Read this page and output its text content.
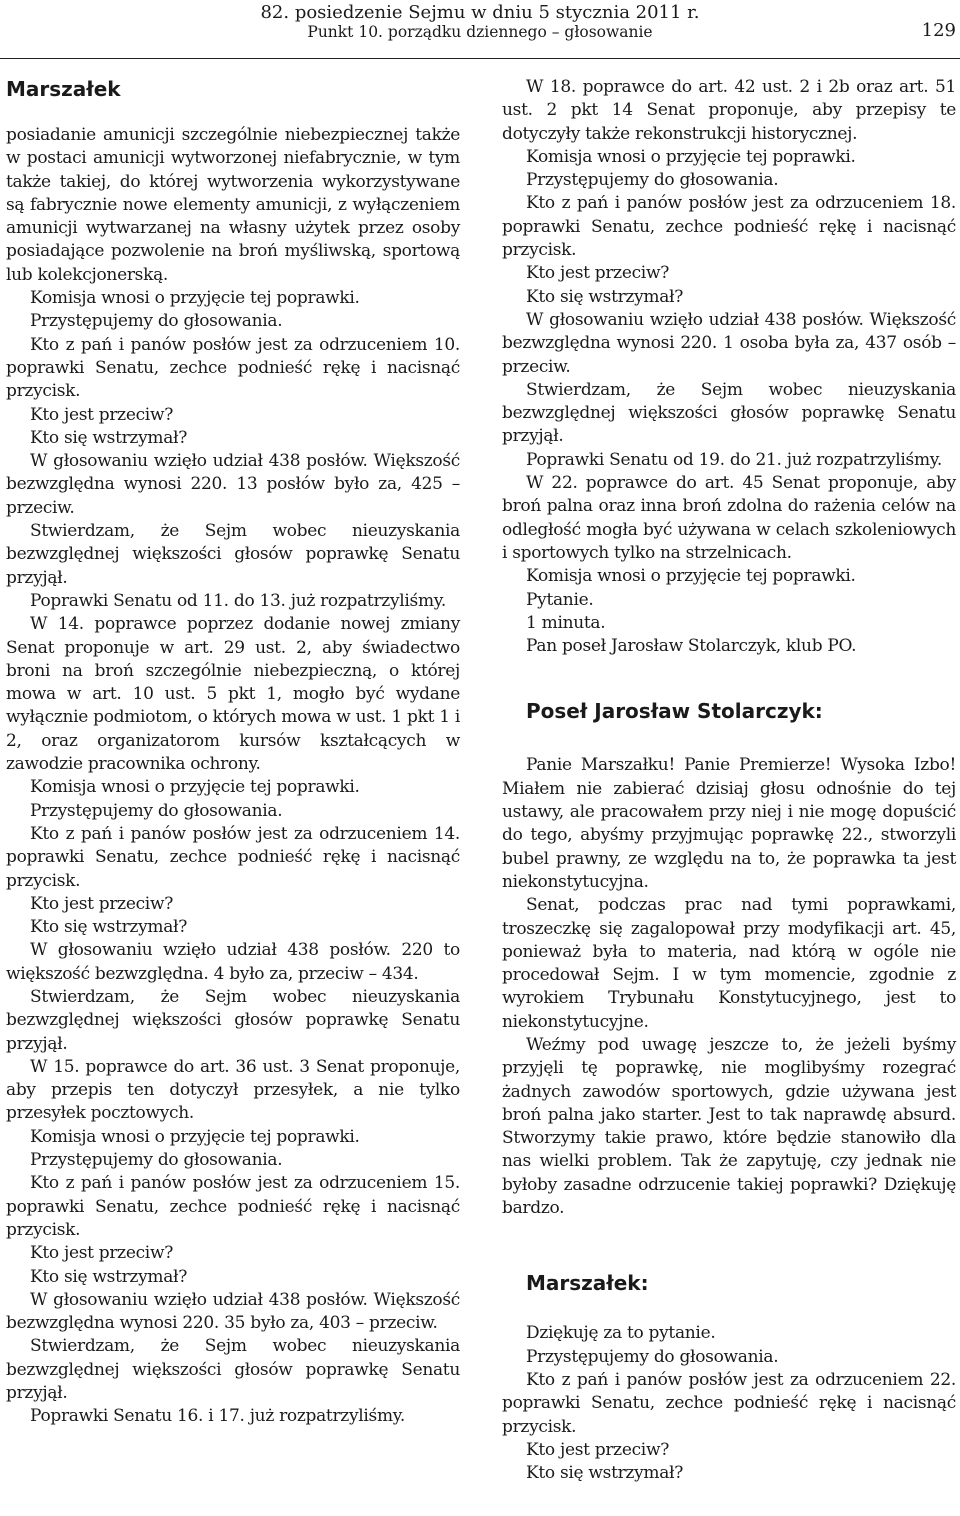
82. posiedzenie Sejmu w dniu 5 stycznia 2011 r.
Punkt 10. porządku dziennego – głosowanie	129
Marszałek

posiadanie amunicji szczególnie niebezpiecznej także w postaci amunicji wytworzonej niefabrycznie, w tym także takiej, do której wytworzenia wykorzystywane są fabrycznie nowe elementy amunicji, z wyłączeniem amunicji wytwarzanej na własny użytek przez osoby posiadające pozwolenie na broń myśliwską, sportową lub kolekcjonerską.

Komisja wnosi o przyjęcie tej poprawki.

Przystępujemy do głosowania.

Kto z pań i panów posłów jest za odrzuceniem 10. poprawki Senatu, zechce podnieść rękę i nacisnąć przycisk.

Kto jest przeciw?

Kto się wstrzymał?

W głosowaniu wzięło udział 438 posłów. Większość bezwzględna wynosi 220. 13 posłów było za, 425 – przeciw.

Stwierdzam, że Sejm wobec nieuzyskania bezwzględnej większości głosów poprawkę Senatu przyjął.

Poprawki Senatu od 11. do 13. już rozpatrzyliśmy.

W 14. poprawce poprzez dodanie nowej zmiany Senat proponuje w art. 29 ust. 2, aby świadectwo broni na broń szczególnie niebezpieczną, o której mowa w art. 10 ust. 5 pkt 1, mogło być wydane wyłącznie podmiotom, o których mowa w ust. 1 pkt 1 i 2, oraz organizatorom kursów kształcących w zawodzie pracownika ochrony.

Komisja wnosi o przyjęcie tej poprawki.

Przystępujemy do głosowania.

Kto z pań i panów posłów jest za odrzuceniem 14. poprawki Senatu, zechce podnieść rękę i nacisnąć przycisk.

Kto jest przeciw?

Kto się wstrzymał?

W głosowaniu wzięło udział 438 posłów. 220 to większość bezwzględna. 4 było za, przeciw – 434.

Stwierdzam, że Sejm wobec nieuzyskania bezwzględnej większości głosów poprawkę Senatu przyjął.

W 15. poprawce do art. 36 ust. 3 Senat proponuje, aby przepis ten dotyczył przesyłek, a nie tylko przesyłek pocztowych.

Komisja wnosi o przyjęcie tej poprawki.

Przystępujemy do głosowania.

Kto z pań i panów posłów jest za odrzuceniem 15. poprawki Senatu, zechce podnieść rękę i nacisnąć przycisk.

Kto jest przeciw?

Kto się wstrzymał?

W głosowaniu wzięło udział 438 posłów. Większość bezwzględna wynosi 220. 35 było za, 403 – przeciw.

Stwierdzam, że Sejm wobec nieuzyskania bezwzględnej większości głosów poprawkę Senatu przyjął.

Poprawki Senatu 16. i 17. już rozpatrzyliśmy.

W 18. poprawce do art. 42 ust. 2 i 2b oraz art. 51 ust. 2 pkt 14 Senat proponuje, aby przepisy te dotyczyły także rekonstrukcji historycznej.

Komisja wnosi o przyjęcie tej poprawki.

Przystępujemy do głosowania.

Kto z pań i panów posłów jest za odrzuceniem 18. poprawki Senatu, zechce podnieść rękę i nacisnąć przycisk.

Kto jest przeciw?

Kto się wstrzymał?

W głosowaniu wzięło udział 438 posłów. Większość bezwzględna wynosi 220. 1 osoba była za, 437 osób – przeciw.

Stwierdzam, że Sejm wobec nieuzyskania bezwzględnej większości głosów poprawkę Senatu przyjął.

Poprawki Senatu od 19. do 21. już rozpatrzyliśmy.

W 22. poprawce do art. 45 Senat proponuje, aby broń palna oraz inna broń zdolna do rażenia celów na odległość mogła być używana w celach szkoleniowych i sportowych tylko na strzelnicach.

Komisja wnosi o przyjęcie tej poprawki.

Pytanie.

1 minuta.

Pan poseł Jarosław Stolarczyk, klub PO.

Poseł Jarosław Stolarczyk:

Panie Marszałku! Panie Premierze! Wysoka Izbo! Miałem nie zabierać dzisiaj głosu odnośnie do tej ustawy, ale pracowałem przy niej i nie mogę dopuścić do tego, abyśmy przyjmując poprawkę 22., stworzyli bubel prawny, ze względu na to, że poprawka ta jest niekonstytucyjna.

Senat, podczas prac nad tymi poprawkami, troszeczkę się zagalopował przy modyfikacji art. 45, ponieważ była to materia, nad którą w ogóle nie procedował Sejm. I w tym momencie, zgodnie z wyrokiem Trybunału Konstytucyjnego, jest to niekonstytucyjne.

Weźmy pod uwagę jeszcze to, że jeżeli byśmy przyjęli tę poprawkę, nie moglibyśmy rozegrać żadnych zawodów sportowych, gdzie używana jest broń palna jako starter. Jest to tak naprawdę absurd. Stworzymy takie prawo, które będzie stanowiło dla nas wielki problem. Tak że zapytuję, czy jednak nie byłoby zasadne odrzucenie takiej poprawki? Dziękuję bardzo.

Marszałek:

Dziękuję za to pytanie.

Przystępujemy do głosowania.

Kto z pań i panów posłów jest za odrzuceniem 22. poprawki Senatu, zechce podnieść rękę i nacisnąć przycisk.

Kto jest przeciw?

Kto się wstrzymał?
